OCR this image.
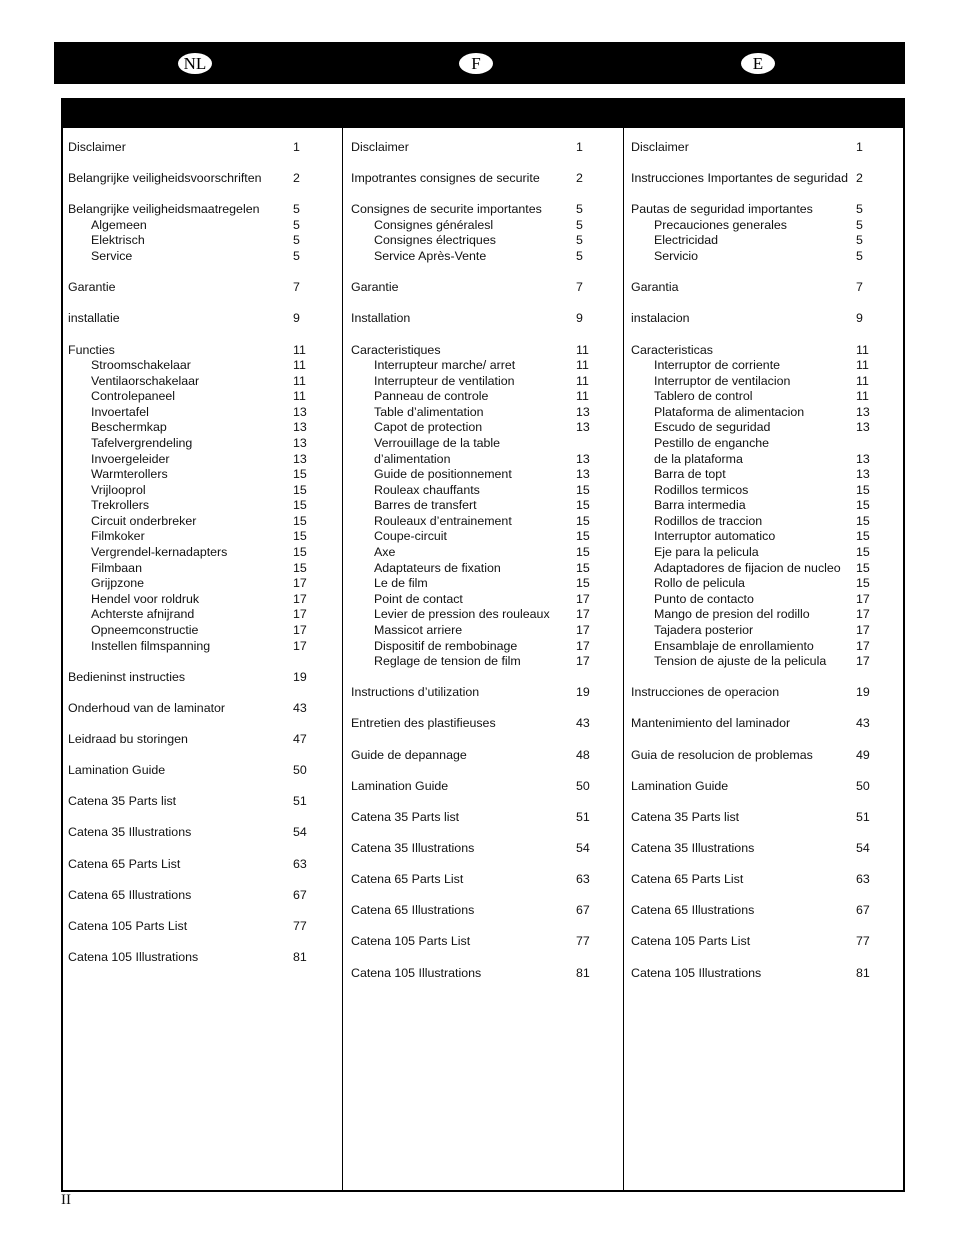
NL	F	E
Disclaimer	1
Belangrijke veiligheidsvoorschriften	2
Belangrijke veiligheidsmaatregelen	5
Algemeen	5
Elektrisch	5
Service	5
Garantie	7
installatie	9
Functies	11
Stroomschakelaar	11
Ventilaorschakelaar	11
Controlepaneel	11
Invoertafel	13
Beschermkap	13
Tafelvergrendeling	13
Invoergeleider	13
Warmterollers	15
Vrijlooprol	15
Trekrollers	15
Circuit onderbreker	15
Filmkoker	15
Vergrendel-kernadapters	15
Filmbaan	15
Grijpzone	17
Hendel voor roldruk	17
Achterste afnijrand	17
Opneemconstructie	17
Instellen filmspanning	17
Bedieninst instructies	19
Onderhoud van de laminator	43
Leidraad bu storingen	47
Lamination Guide	50
Catena 35 Parts list	51
Catena 35 Illustrations	54
Catena 65 Parts List	63
Catena 65 Illustrations	67
Catena 105 Parts List	77
Catena 105 Illustrations	81
Disclaimer	1
Impotrantes consignes de securite	2
Consignes de securite importantes	5
Consignes généralesl	5
Consignes électriques	5
Service Après-Vente	5
Garantie	7
Installation	9
Caracteristiques	11
Interrupteur marche/ arret	11
Interrupteur de ventilation	11
Panneau de controle	11
Table d’alimentation	13
Capot de protection	13
Verrouillage de la table
d’alimentation	13
Guide de positionnement	13
Rouleax chauffants	15
Barres de transfert	15
Rouleaux d’entrainement	15
Coupe-circuit	15
Axe	15
Adaptateurs de fixation	15
Le de film	15
Point de contact	17
Levier de pression des rouleaux 17
Massicot arriere	17
Dispositif de rembobinage	17
Reglage de tension de film	17
Instructions d’utilization	19
Entretien des plastifieuses	43
Guide de depannage	48
Lamination Guide	50
Catena 35 Parts list	51
Catena 35 Illustrations	54
Catena 65 Parts List	63
Catena 65 Illustrations	67
Catena 105 Parts List	77
Catena 105 Illustrations	81
Disclaimer	1
Instrucciones Importantes de seguridad 2
Pautas de seguridad importantes	5
Precauciones generales	5
Electricidad	5
Servicio	5
Garantia	7
instalacion	9
Caracteristicas	11
Interruptor de corriente	11
Interruptor de ventilacion	11
Tablero de control	11
Plataforma de alimentacion	13
Escudo de seguridad	13
Pestillo de enganche
de la plataforma	13
Barra de topt	13
Rodillos termicos	15
Barra intermedia	15
Rodillos de traccion	15
Interruptor automatico	15
Eje para la pelicula	15
Adaptadores de fijacion de nucleo 15
Rollo de pelicula	15
Punto de contacto	17
Mango de presion del rodillo	17
Tajadera posterior	17
Ensamblaje de enrollamiento	17
Tension de ajuste de la pelicula 17
Instrucciones de operacion	19
Mantenimiento del laminador	43
Guia de resolucion de problemas	49
Lamination Guide	50
Catena 35 Parts list	51
Catena 35 Illustrations	54
Catena 65 Parts List	63
Catena 65 Illustrations	67
Catena 105 Parts List	77
Catena 105 Illustrations	81
II
